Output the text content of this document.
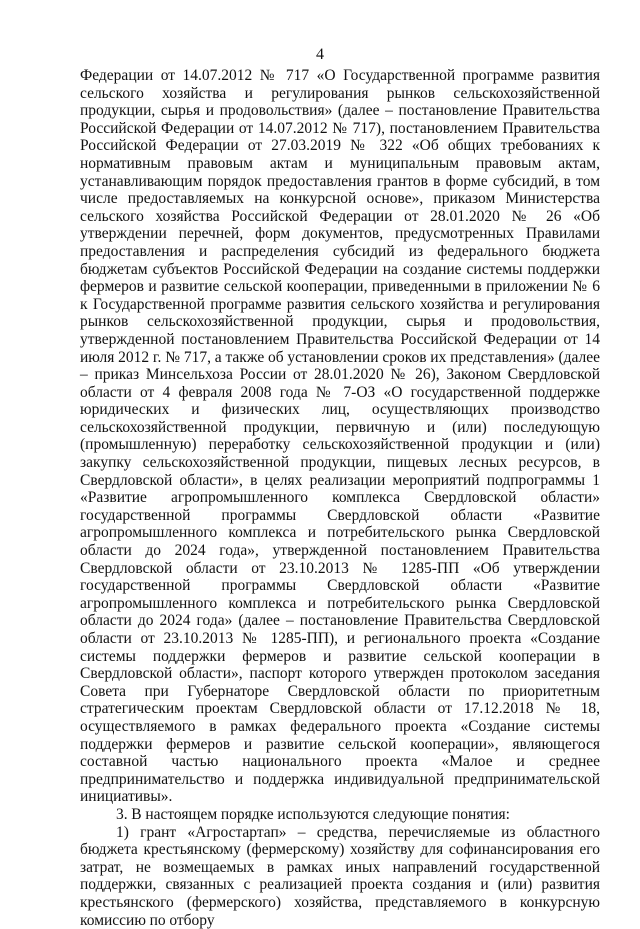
4

Федерации от 14.07.2012 № 717 «О Государственной программе развития сельского хозяйства и регулирования рынков сельскохозяйственной продукции, сырья и продовольствия» (далее – постановление Правительства Российской Федерации от 14.07.2012 № 717), постановлением Правительства Российской Федерации от 27.03.2019 № 322 «Об общих требованиях к нормативным правовым актам и муниципальным правовым актам, устанавливающим порядок предоставления грантов в форме субсидий, в том числе предоставляемых на конкурсной основе», приказом Министерства сельского хозяйства Российской Федерации от 28.01.2020 № 26 «Об утверждении перечней, форм документов, предусмотренных Правилами предоставления и распределения субсидий из федерального бюджета бюджетам субъектов Российской Федерации на создание системы поддержки фермеров и развитие сельской кооперации, приведенными в приложении № 6 к Государственной программе развития сельского хозяйства и регулирования рынков сельскохозяйственной продукции, сырья и продовольствия, утвержденной постановлением Правительства Российской Федерации от 14 июля 2012 г. № 717, а также об установлении сроков их представления» (далее – приказ Минсельхоза России от 28.01.2020 № 26), Законом Свердловской области от 4 февраля 2008 года № 7-ОЗ «О государственной поддержке юридических и физических лиц, осуществляющих производство сельскохозяйственной продукции, первичную и (или) последующую (промышленную) переработку сельскохозяйственной продукции и (или) закупку сельскохозяйственной продукции, пищевых лесных ресурсов, в Свердловской области», в целях реализации мероприятий подпрограммы 1 «Развитие агропромышленного комплекса Свердловской области» государственной программы Свердловской области «Развитие агропромышленного комплекса и потребительского рынка Свердловской области до 2024 года», утвержденной постановлением Правительства Свердловской области от 23.10.2013 № 1285-ПП «Об утверждении государственной программы Свердловской области «Развитие агропромышленного комплекса и потребительского рынка Свердловской области до 2024 года» (далее – постановление Правительства Свердловской области от 23.10.2013 № 1285-ПП), и регионального проекта «Создание системы поддержки фермеров и развитие сельской кооперации в Свердловской области», паспорт которого утвержден протоколом заседания Совета при Губернаторе Свердловской области по приоритетным стратегическим проектам Свердловской области от 17.12.2018 № 18, осуществляемого в рамках федерального проекта «Создание системы поддержки фермеров и развитие сельской кооперации», являющегося составной частью национального проекта «Малое и среднее предпринимательство и поддержка индивидуальной предпринимательской инициативы».

3. В настоящем порядке используются следующие понятия:

1) грант «Агростартап» – средства, перечисляемые из областного бюджета крестьянскому (фермерскому) хозяйству для софинансирования его затрат, не возмещаемых в рамках иных направлений государственной поддержки, связанных с реализацией проекта создания и (или) развития крестьянского (фермерского) хозяйства, представляемого в конкурсную комиссию по отбору
